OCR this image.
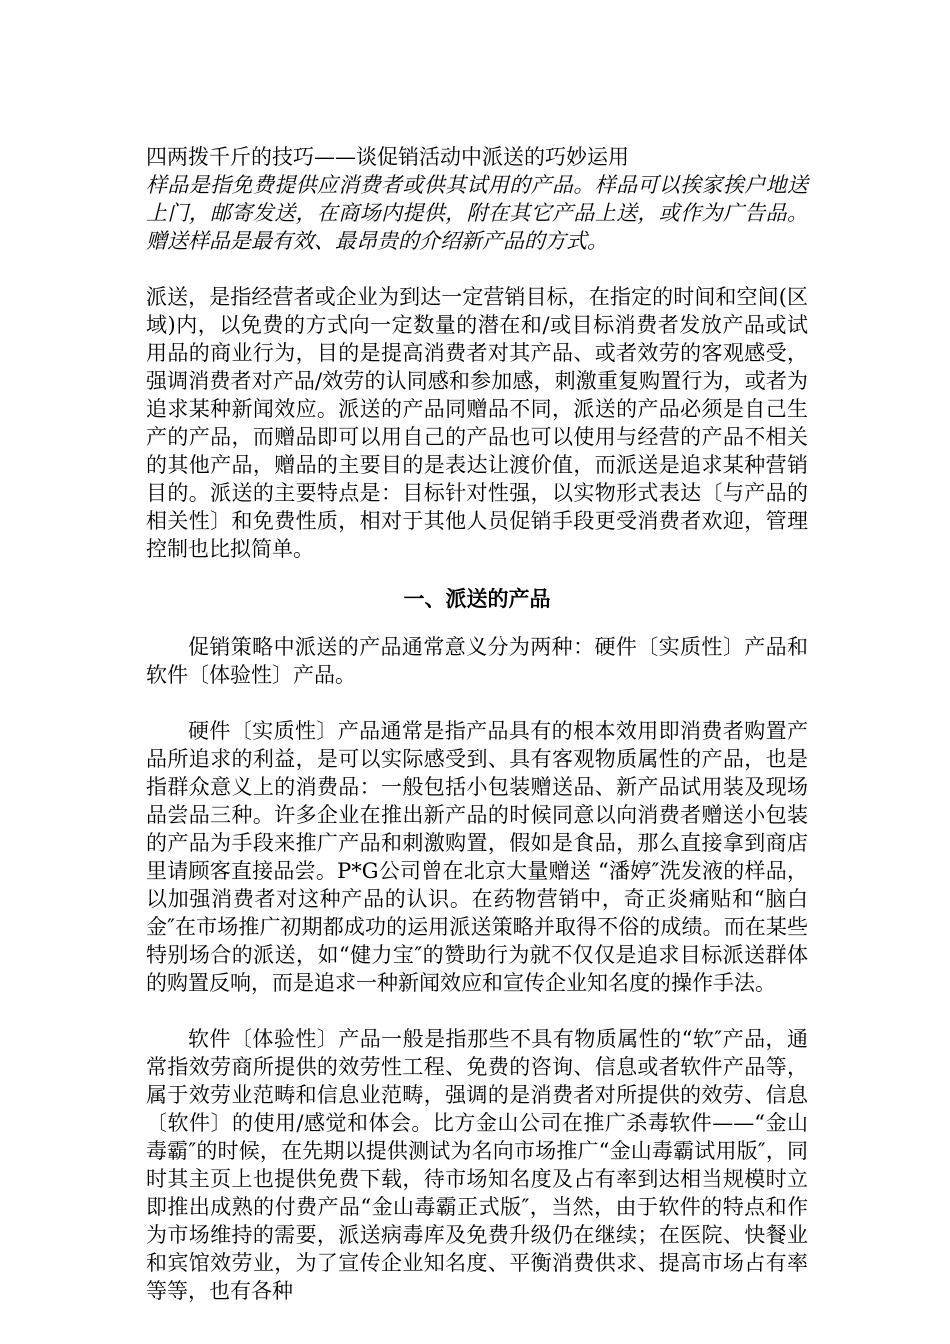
四两拨千斤的技巧——谈促销活动中派送的巧妙运用

样品是指免费提供应消费者或供其试用的产品。样品可以挨家挨户地送上门，邮寄发送，在商场内提供，附在其它产品上送，或作为广告品。赠送样品是最有效、最昂贵的介绍新产品的方式。

派送，是指经营者或企业为到达一定营销目标，在指定的时间和空间(区域)内，以免费的方式向一定数量的潜在和/或目标消费者发放产品或试用品的商业行为，目的是提高消费者对其产品、或者效劳的客观感受，强调消费者对产品/效劳的认同感和参加感，刺激重复购置行为，或者为追求某种新闻效应。派送的产品同赠品不同，派送的产品必须是自己生产的产品，而赠品即可以用自己的产品也可以使用与经营的产品不相关的其他产品，赠品的主要目的是表达让渡价值，而派送是追求某种营销目的。派送的主要特点是：目标针对性强，以实物形式表达〔与产品的相关性〕和免费性质，相对于其他人员促销手段更受消费者欢迎，管理控制也比拟简单。

一、派送的产品

促销策略中派送的产品通常意义分为两种：硬件〔实质性〕产品和软件〔体验性〕产品。

硬件〔实质性〕产品通常是指产品具有的根本效用即消费者购置产品所追求的利益，是可以实际感受到、具有客观物质属性的产品，也是指群众意义上的消费品：一般包括小包装赠送品、新产品试用装及现场品尝品三种。许多企业在推出新产品的时候同意以向消费者赠送小包装的产品为手段来推广产品和刺激购置，假如是食品，那么直接拿到商店里请顾客直接品尝。P*G公司曾在北京大量赠送 “潘婷″洗发液的样品，以加强消费者对这种产品的认识。在药物营销中，奇正炎痛贴和“脑白金″在市场推广初期都成功的运用派送策略并取得不俗的成绩。而在某些特别场合的派送，如“健力宝″的赞助行为就不仅仅是追求目标派送群体的购置反响，而是追求一种新闻效应和宣传企业知名度的操作手法。

软件〔体验性〕产品一般是指那些不具有物质属性的“软″产品，通常指效劳商所提供的效劳性工程、免费的咨询、信息或者软件产品等，属于效劳业范畴和信息业范畴，强调的是消费者对所提供的效劳、信息〔软件〕的使用/感觉和体会。比方金山公司在推广杀毒软件——“金山毒霸″的时候，在先期以提供测试为名向市场推广“金山毒霸试用版″，同时其主页上也提供免费下载，待市场知名度及占有率到达相当规模时立即推出成熟的付费产品“金山毒霸正式版″，当然，由于软件的特点和作为市场维持的需要，派送病毒库及免费升级仍在继续；在医院、快餐业和宾馆效劳业，为了宣传企业知名度、平衡消费供求、提高市场占有率等等，也有各种
